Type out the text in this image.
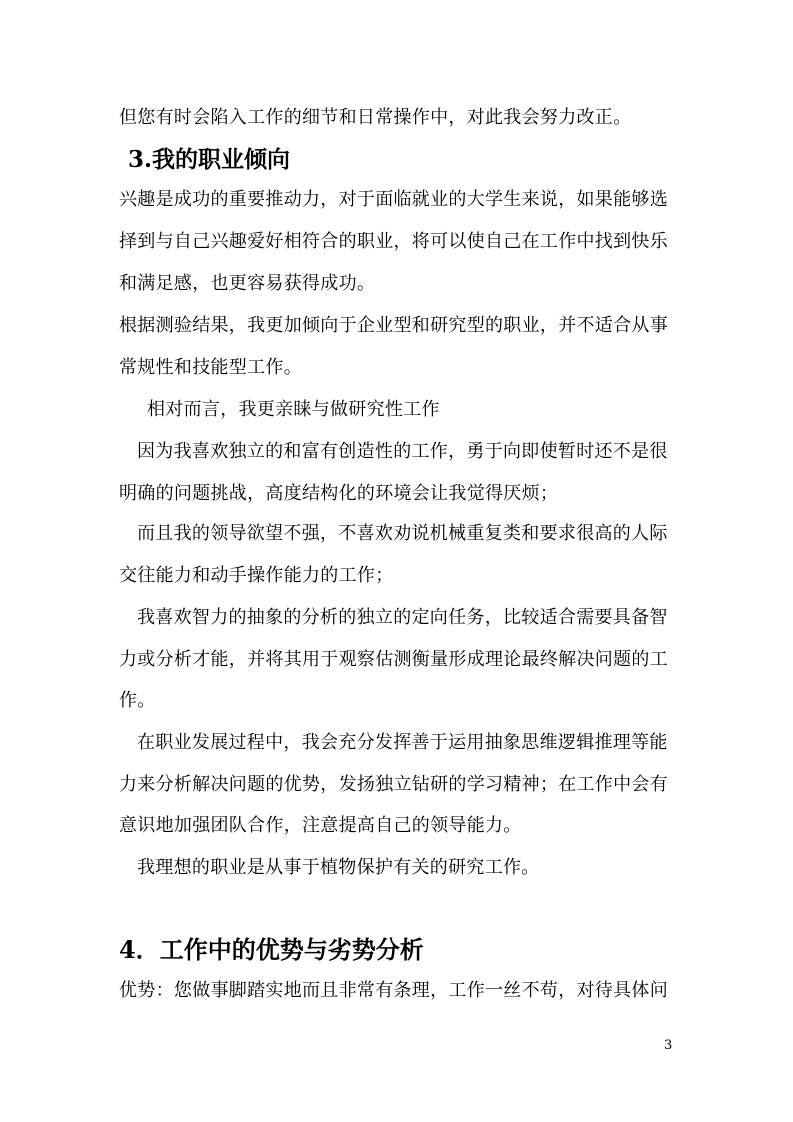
但您有时会陷入工作的细节和日常操作中，对此我会努力改正。
3.我的职业倾向
兴趣是成功的重要推动力，对于面临就业的大学生来说，如果能够选
择到与自己兴趣爱好相符合的职业，将可以使自己在工作中找到快乐
和满足感，也更容易获得成功。
根据测验结果，我更加倾向于企业型和研究型的职业，并不适合从事
常规性和技能型工作。
相对而言，我更亲睐与做研究性工作
因为我喜欢独立的和富有创造性的工作，勇于向即使暂时还不是很
明确的问题挑战，高度结构化的环境会让我觉得厌烦；
而且我的领导欲望不强，不喜欢劝说机械重复类和要求很高的人际
交往能力和动手操作能力的工作；
我喜欢智力的抽象的分析的独立的定向任务，比较适合需要具备智
力或分析才能，并将其用于观察估测衡量形成理论最终解决问题的工
作。
在职业发展过程中，我会充分发挥善于运用抽象思维逻辑推理等能
力来分析解决问题的优势，发扬独立钻研的学习精神；在工作中会有
意识地加强团队合作，注意提高自己的领导能力。
我理想的职业是从事于植物保护有关的研究工作。
4．工作中的优势与劣势分析
优势：您做事脚踏实地而且非常有条理，工作一丝不苟，对待具体问
3
